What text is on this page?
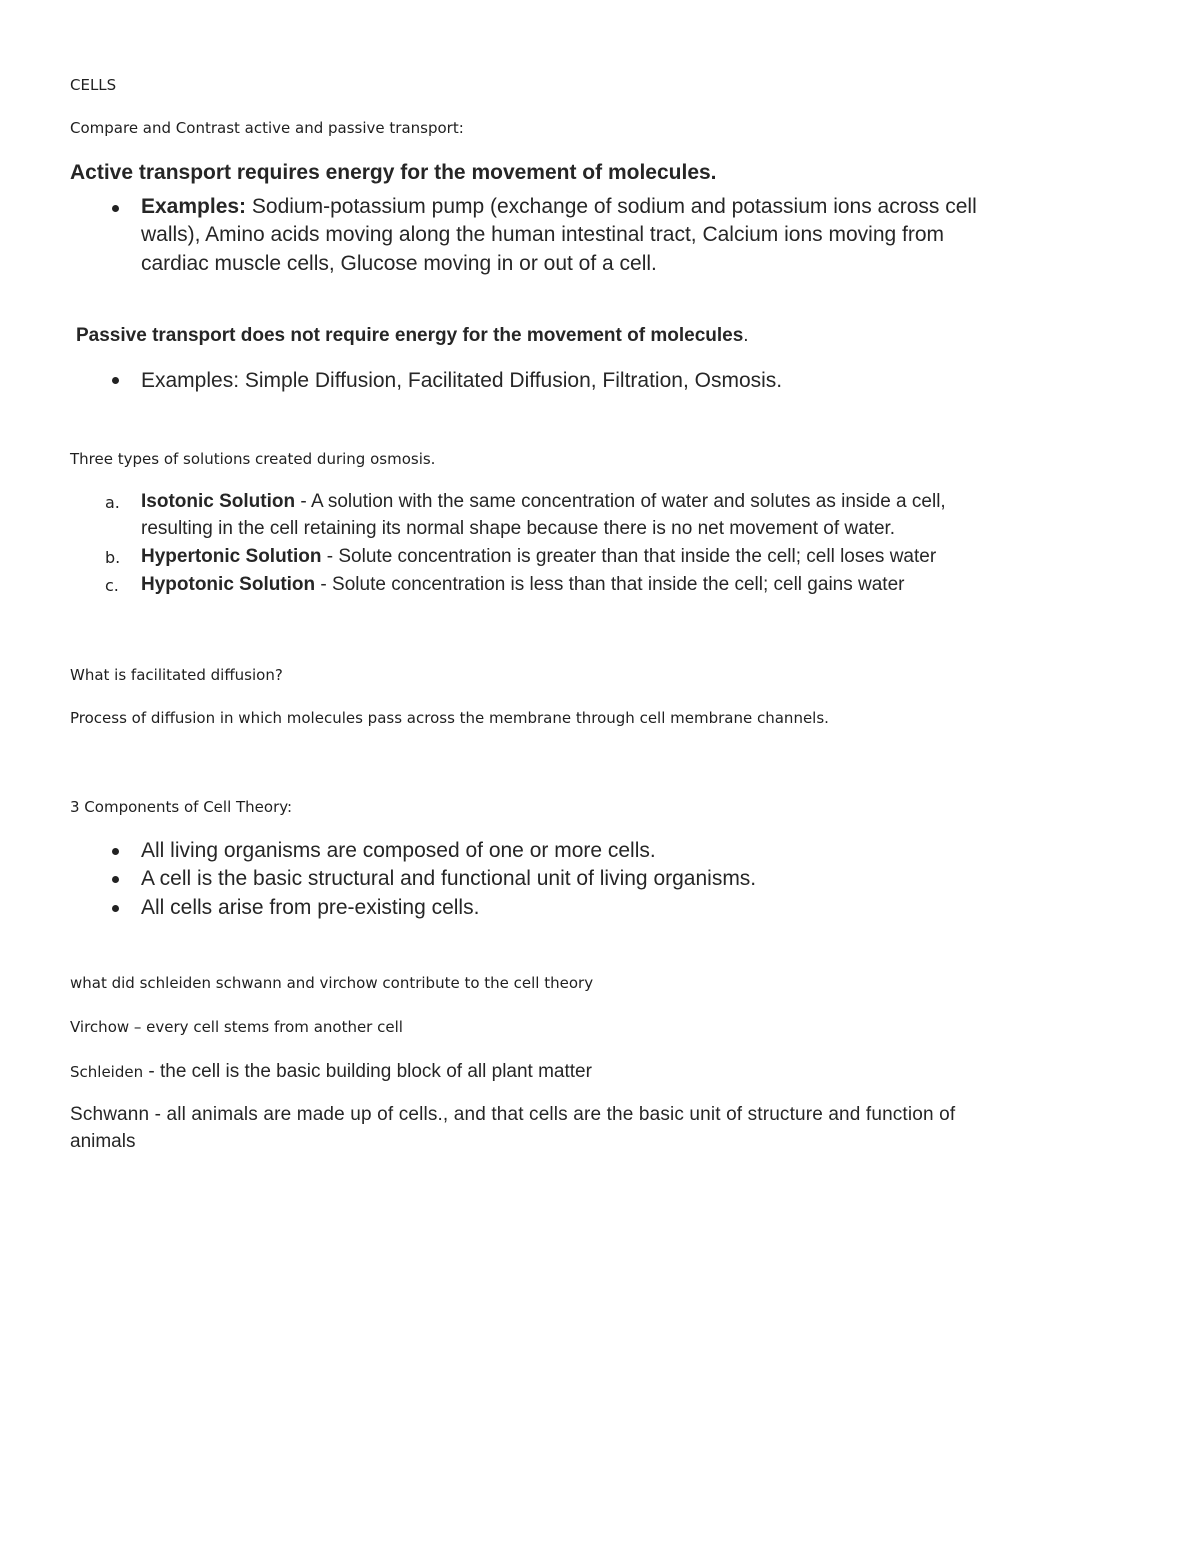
CELLS

Compare and Contrast active and passive transport:

Active transport requires energy for the movement of molecules.

Examples: Sodium-potassium pump (exchange of sodium and potassium ions across cell

walls), Amino acids moving along the human intestinal tract, Calcium ions moving from

cardiac muscle cells, Glucose moving in or out of a cell.

Passive transport does not require energy for the movement of molecules.

Examples: Simple Diffusion, Facilitated Diffusion, Filtration, Osmosis.

Three types of solutions created during osmosis.

a. Isotonic Solution - A solution with the same concentration of water and solutes as inside a cell,

resulting in the cell retaining its normal shape because there is no net movement of water.

b. Hypertonic Solution - Solute concentration is greater than that inside the cell; cell loses water

c. Hypotonic Solution - Solute concentration is less than that inside the cell; cell gains water

What is facilitated diffusion?

Process of diffusion in which molecules pass across the membrane through cell membrane channels.

3 Components of Cell Theory:

All living organisms are composed of one or more cells.

A cell is the basic structural and functional unit of living organisms.

All cells arise from pre-existing cells.

what did schleiden schwann and virchow contribute to the cell theory

Virchow – every cell stems from another cell

Schleiden - the cell is the basic building block of all plant matter

Schwann - all animals are made up of cells., and that cells are the basic unit of structure and function of

animals
